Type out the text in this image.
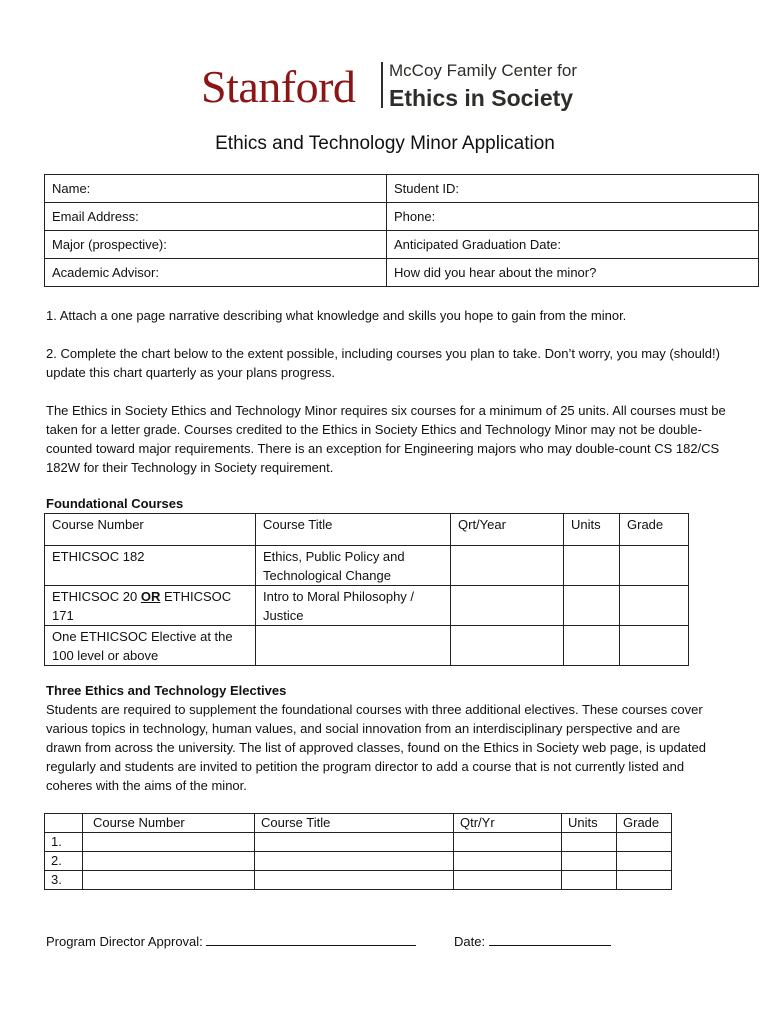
Stanford McCoy Family Center for
Ethics in Society
Ethics and Technology Minor Application
Name:	Student ID:
Email Address:	Phone:
Major (prospective):	Anticipated Graduation Date:
Academic Advisor:	How did you hear about the minor?

1. Attach a one page narrative describing what knowledge and skills you hope to gain from the minor.

2. Complete the chart below to the extent possible, including courses you plan to take. Don’t worry, you may (should!) update this chart quarterly as your plans progress.

The Ethics in Society Ethics and Technology Minor requires six courses for a minimum of 25 units. All courses must be taken for a letter grade. Courses credited to the Ethics in Society Ethics and Technology Minor may not be double-counted toward major requirements. There is an exception for Engineering majors who may double-count CS 182/CS 182W for their Technology in Society requirement.

Foundational Courses
Course Number	Course Title	Qrt/Year	Units	Grade
ETHICSOC 182	Ethics, Public Policy and Technological Change			
ETHICSOC 20 OR ETHICSOC 171	Intro to Moral Philosophy / Justice			
One ETHICSOC Elective at the 100 level or above				
Three Ethics and Technology Electives

Students are required to supplement the foundational courses with three additional electives. These courses cover various topics in technology, human values, and social innovation from an interdisciplinary perspective and are drawn from across the university. The list of approved classes, found on the Ethics in Society web page, is updated regularly and students are invited to petition the program director to add a course that is not currently listed and coheres with the aims of the minor.

	Course Number	Course Title	Qtr/Yr	Units	Grade
1.					
2.					
3.					
Program Director Approval:	Date:
